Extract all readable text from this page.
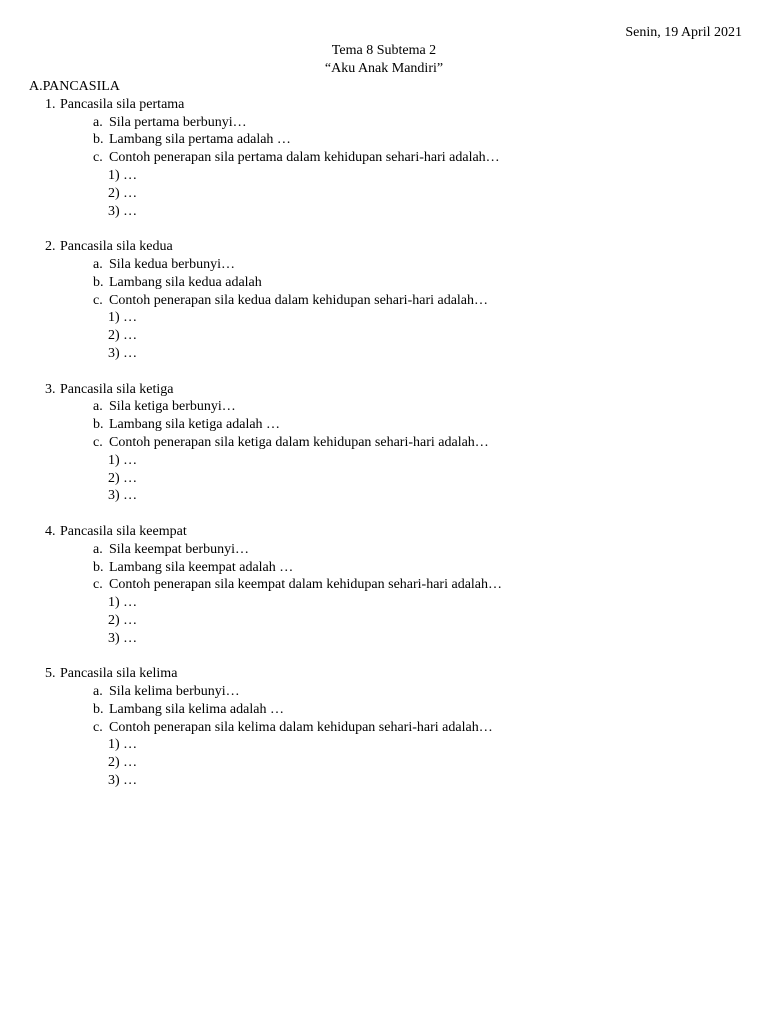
Senin, 19 April 2021
Tema 8 Subtema 2
“Aku Anak Mandiri”
A.PANCASILA
1. Pancasila sila pertama
a. Sila pertama berbunyi…
b. Lambang sila pertama adalah …
c. Contoh penerapan sila pertama dalam kehidupan sehari-hari adalah…
1) …
2) …
3) …
2. Pancasila sila kedua
a. Sila kedua berbunyi…
b. Lambang sila kedua adalah
c. Contoh penerapan sila kedua dalam kehidupan sehari-hari adalah…
1) …
2) …
3) …
3. Pancasila sila ketiga
a. Sila ketiga berbunyi…
b. Lambang sila ketiga adalah …
c. Contoh penerapan sila ketiga dalam kehidupan sehari-hari adalah…
1) …
2) …
3) …
4. Pancasila sila keempat
a. Sila keempat berbunyi…
b. Lambang sila keempat adalah …
c. Contoh penerapan sila keempat dalam kehidupan sehari-hari adalah…
1) …
2) …
3) …
5. Pancasila sila kelima
a. Sila kelima berbunyi…
b. Lambang sila kelima adalah …
c. Contoh penerapan sila kelima dalam kehidupan sehari-hari adalah…
1) …
2) …
3) …
